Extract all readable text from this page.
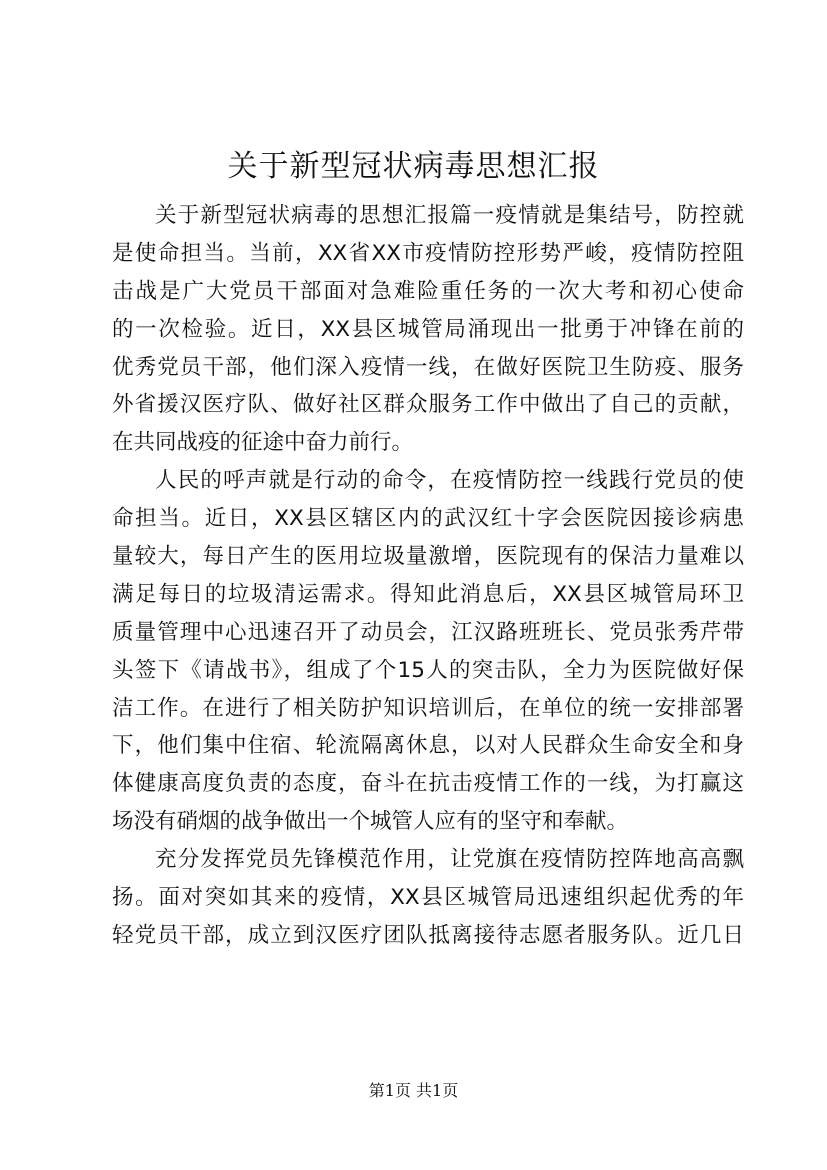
关于新型冠状病毒思想汇报
关于新型冠状病毒的思想汇报篇一疫情就是集结号，防控就
是使命担当。当前，XX省XX市疫情防控形势严峻，疫情防控阻
击战是广大党员干部面对急难险重任务的一次大考和初心使命
的一次检验。近日，XX县区城管局涌现出一批勇于冲锋在前的
优秀党员干部，他们深入疫情一线，在做好医院卫生防疫、服务
外省援汉医疗队、做好社区群众服务工作中做出了自己的贡献，
在共同战疫的征途中奋力前行。
人民的呼声就是行动的命令，在疫情防控一线践行党员的使
命担当。近日，XX县区辖区内的武汉红十字会医院因接诊病患
量较大，每日产生的医用垃圾量激增，医院现有的保洁力量难以
满足每日的垃圾清运需求。得知此消息后，XX县区城管局环卫
质量管理中心迅速召开了动员会，江汉路班班长、党员张秀芹带
头签下《请战书》，组成了个15人的突击队，全力为医院做好保
洁工作。在进行了相关防护知识培训后，在单位的统一安排部署
下，他们集中住宿、轮流隔离休息，以对人民群众生命安全和身
体健康高度负责的态度，奋斗在抗击疫情工作的一线，为打赢这
场没有硝烟的战争做出一个城管人应有的坚守和奉献。
充分发挥党员先锋模范作用，让党旗在疫情防控阵地高高飘
扬。面对突如其来的疫情，XX县区城管局迅速组织起优秀的年
轻党员干部，成立到汉医疗团队抵离接待志愿者服务队。近几日
第1页 共1页
